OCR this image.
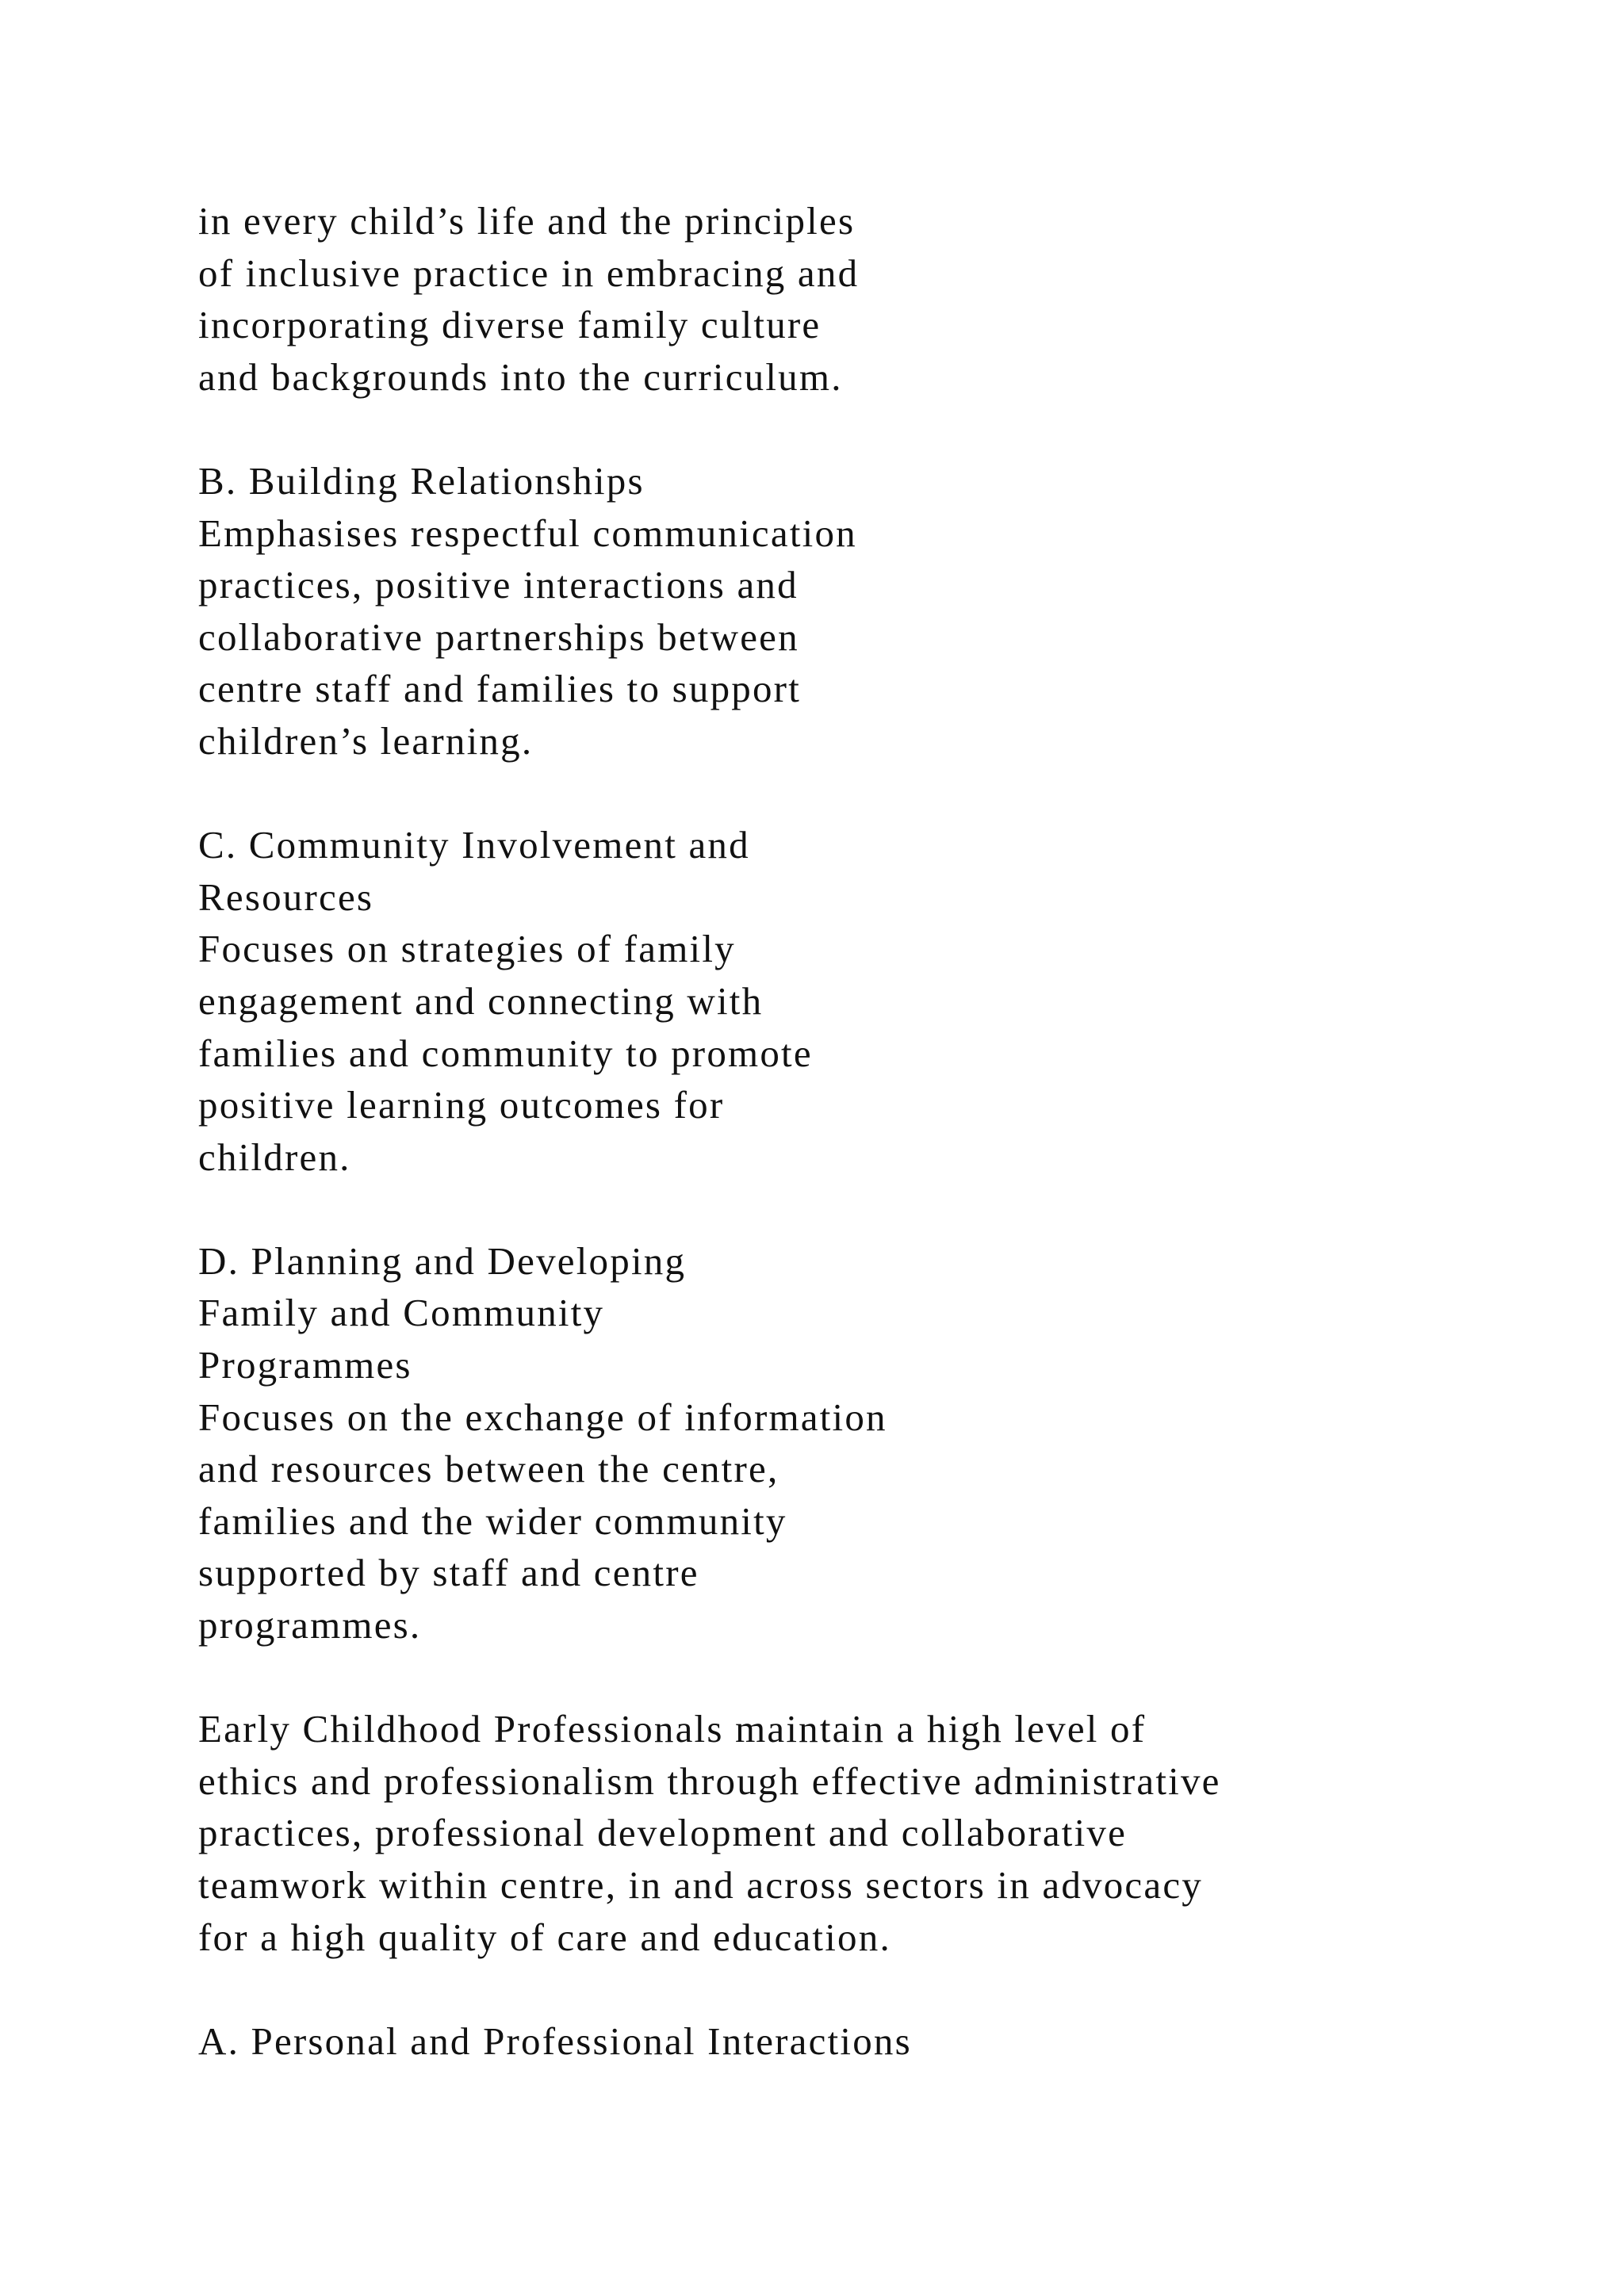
in every child’s life and the principles
of inclusive practice in embracing and
incorporating diverse family culture
and backgrounds into the curriculum.
B. Building Relationships
Emphasises respectful communication
practices, positive interactions and
collaborative partnerships between
centre staff and families to support
children’s learning.
C. Community Involvement and
Resources
Focuses on strategies of family
engagement and connecting with
families and community to promote
positive learning outcomes for
children.
D. Planning and Developing
Family and Community
Programmes
Focuses on the exchange of information
and resources between the centre,
families and the wider community
supported by staff and centre
programmes.
Early Childhood Professionals maintain a high level of
ethics and professionalism through effective administrative
practices, professional development and collaborative
teamwork within centre, in and across sectors in advocacy
for a high quality of care and education.
A. Personal and Professional Interactions
